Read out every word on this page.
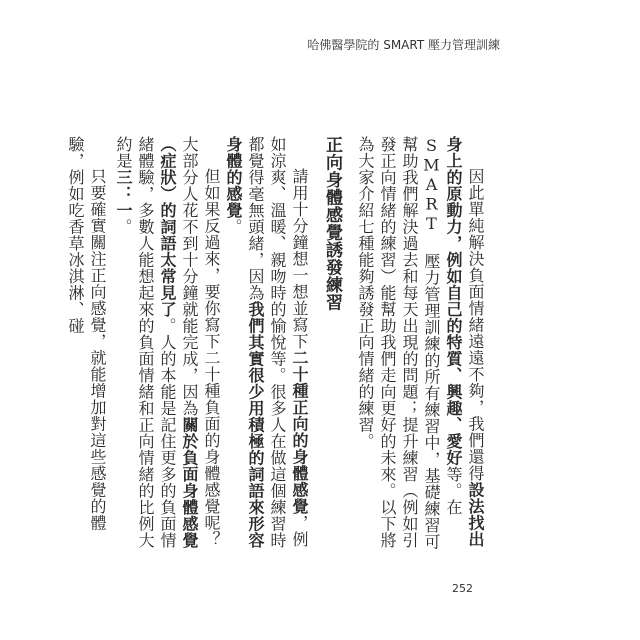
哈佛醫學院的 SMART 壓力管理訓練

因此單純解決負面情緒遠遠不夠，我們還得設法找出身上的原動力，例如自己的特質、興趣、愛好等。在 SMART 壓力管理訓練的所有練習中，基礎練習可幫助我們解決過去和每天出現的問題；提升練習（例如引發正向情緒的練習）能幫助我們走向更好的未來。以下將為大家介紹七種能夠誘發正向情緒的練習。

正向身體感覺誘發練習

請用十分鐘想一想並寫下二十種正向的身體感覺，例如涼爽、溫暖、親吻時的愉悅等。很多人在做這個練習時都覺得毫無頭緒，因為我們其實很少用積極的詞語來形容身體的感覺。

但如果反過來，要你寫下二十種負面的身體感覺呢？大部分人花不到十分鐘就能完成，因為關於負面身體感覺（症狀）的詞語太常見了。人的本能是記住更多的負面情緒體驗，多數人能想起來的負面情緒和正向情緒的比例大約是三：一。

只要確實關注正向感覺，就能增加對這些感覺的體驗，例如吃香草冰淇淋、碰

252
